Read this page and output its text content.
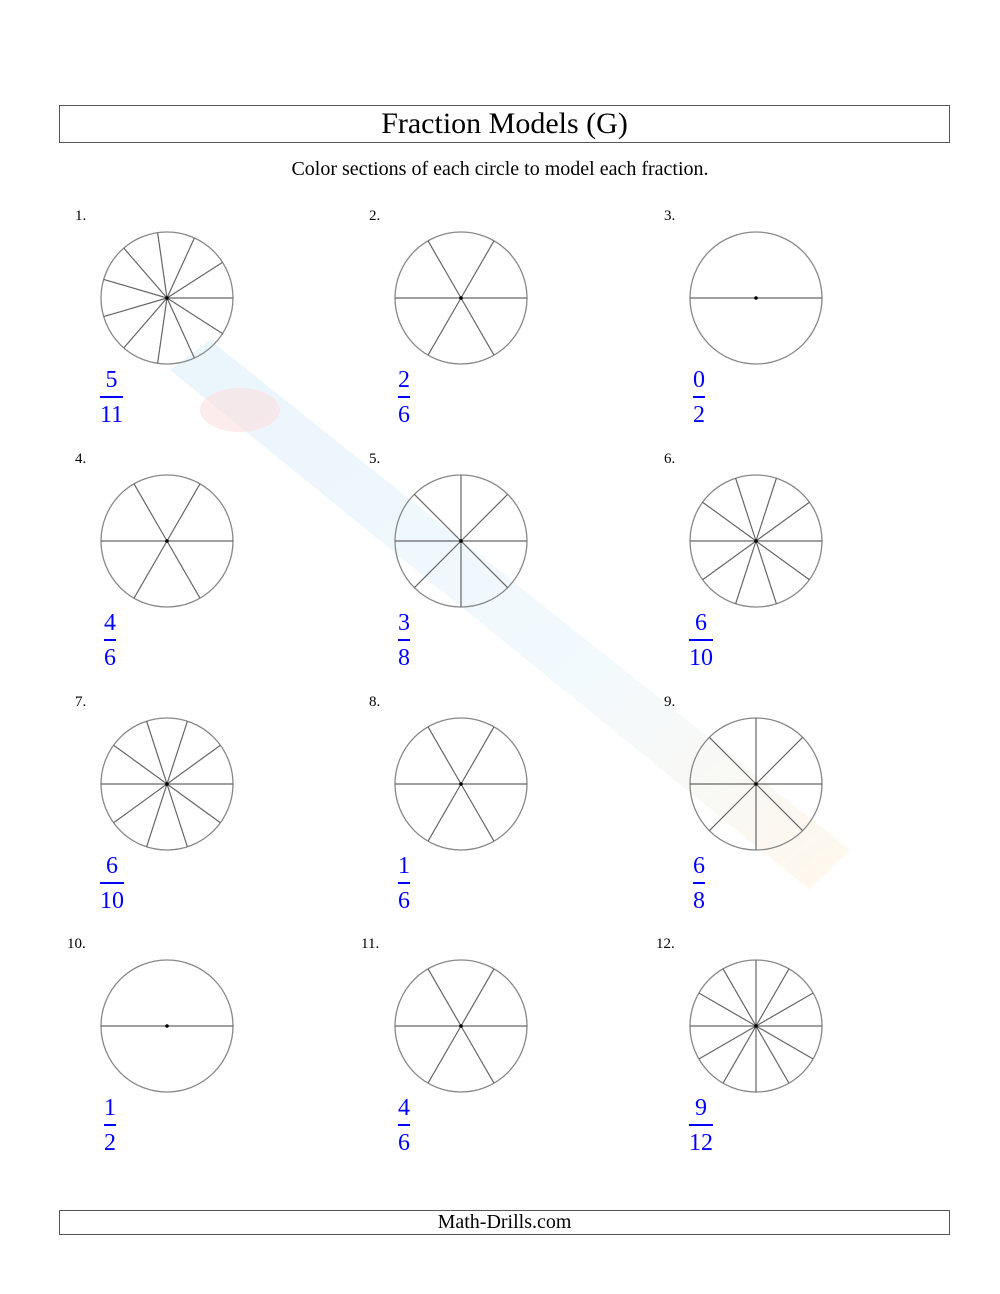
Fraction Models (G)
Color sections of each circle to model each fraction.
1.
5
11
2.
2
6
3.
0
2
4.
4
6
5.
3
8
6.
6
10
7.
6
10
8.
1
6
9.
6
8
10.
1
2
11.
4
6
12.
9
12
Math-Drills.com
